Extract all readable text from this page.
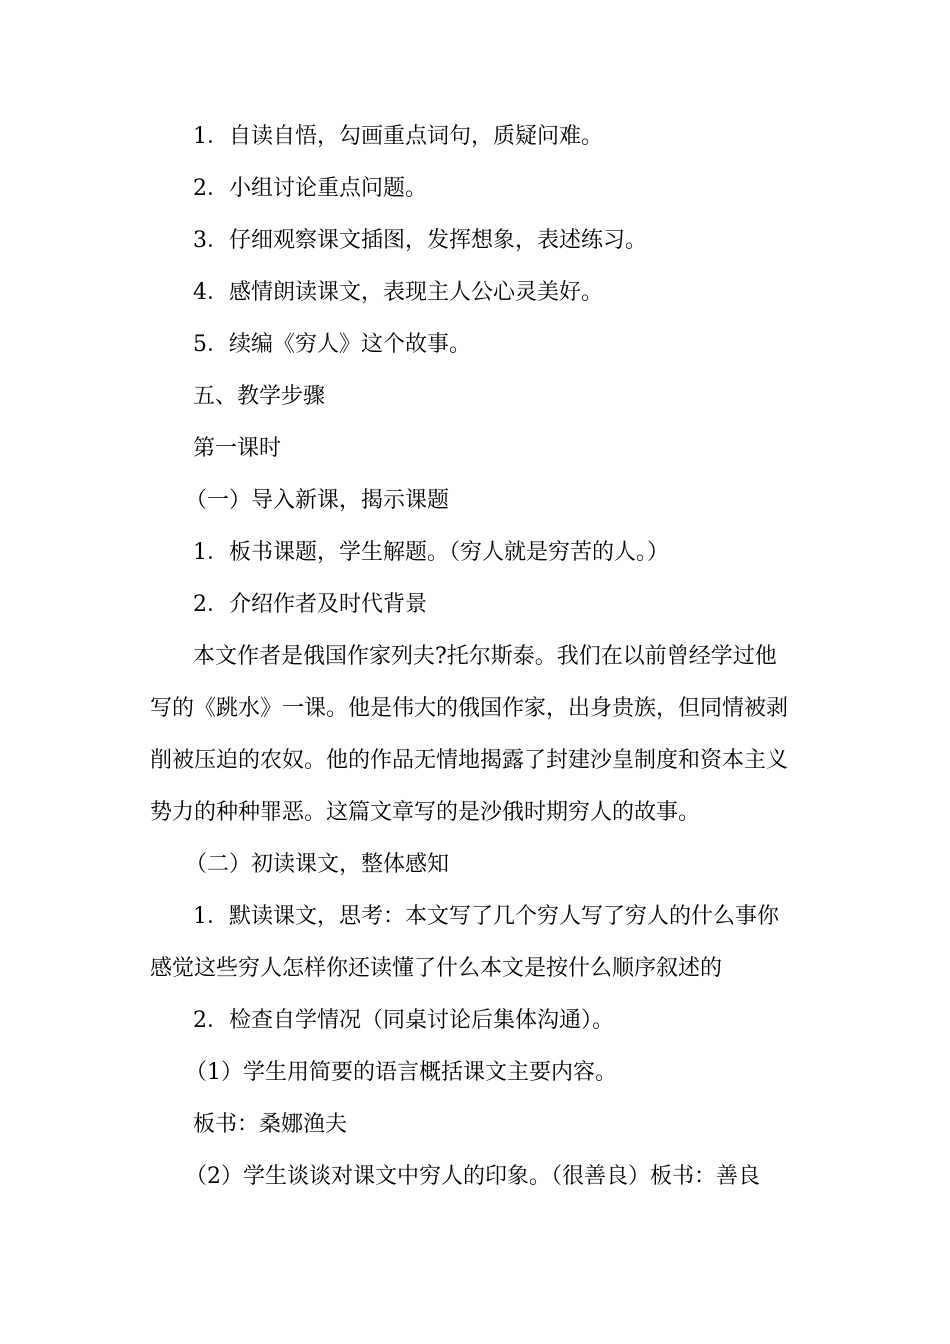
1．自读自悟，勾画重点词句，质疑问难。
2．小组讨论重点问题。
3．仔细观察课文插图，发挥想象，表述练习。
4．感情朗读课文，表现主人公心灵美好。
5．续编《穷人》这个故事。
五、教学步骤
第一课时
（一）导入新课，揭示课题
1．板书课题，学生解题。（穷人就是穷苦的人。）
2．介绍作者及时代背景
本文作者是俄国作家列夫?托尔斯泰。我们在以前曾经学过他
写的《跳水》一课。他是伟大的俄国作家，出身贵族，但同情被剥
削被压迫的农奴。他的作品无情地揭露了封建沙皇制度和资本主义
势力的种种罪恶。这篇文章写的是沙俄时期穷人的故事。
（二）初读课文，整体感知
1．默读课文，思考：本文写了几个穷人写了穷人的什么事你
感觉这些穷人怎样你还读懂了什么本文是按什么顺序叙述的
2．检查自学情况（同桌讨论后集体沟通）。
（1）学生用简要的语言概括课文主要内容。
板书：桑娜渔夫
（2）学生谈谈对课文中穷人的印象。（很善良）板书：善良
